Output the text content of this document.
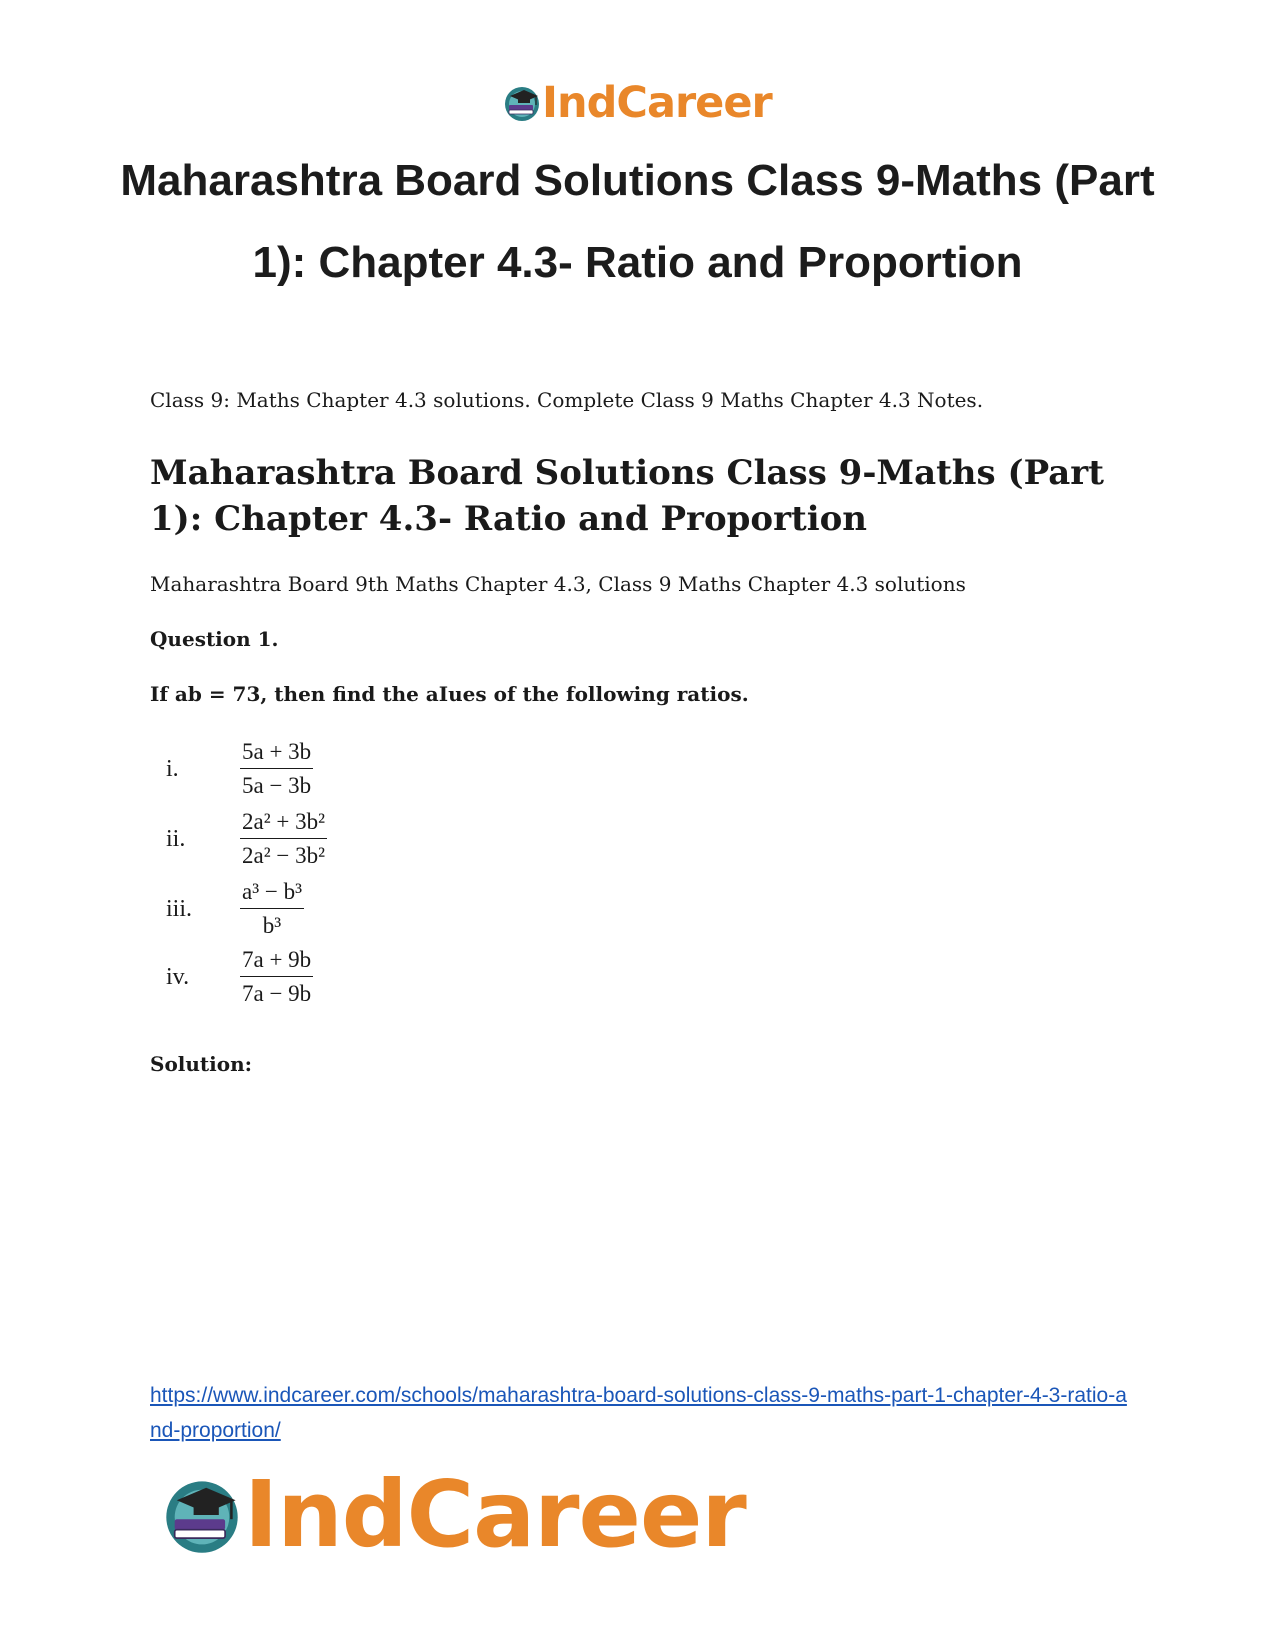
IndCareer
Maharashtra Board Solutions Class 9-Maths (Part 1): Chapter 4.3- Ratio and Proportion

Class 9: Maths Chapter 4.3 solutions. Complete Class 9 Maths Chapter 4.3 Notes.

Maharashtra Board Solutions Class 9-Maths (Part 1): Chapter 4.3- Ratio and Proportion

Maharashtra Board 9th Maths Chapter 4.3, Class 9 Maths Chapter 4.3 solutions

Question 1.

If ab = 73, then find the aIues of the following ratios.

i.	$\frac{5a + 3b}{5a - 3b}$
ii. $\frac{\text{2a² + 3b²}}{\text{2a² − 3b²}}$
iii. $\frac{\text{a³ − b³}}{\text{b³}}$
iv. $\frac{7a + 9b}{7a - 9b}$

Solution:

https://www.indcareer.com/schools/maharashtra-board-solutions-class-9-maths-part-1-chapter-4-3-ratio-and-proportion/
IndCareer
